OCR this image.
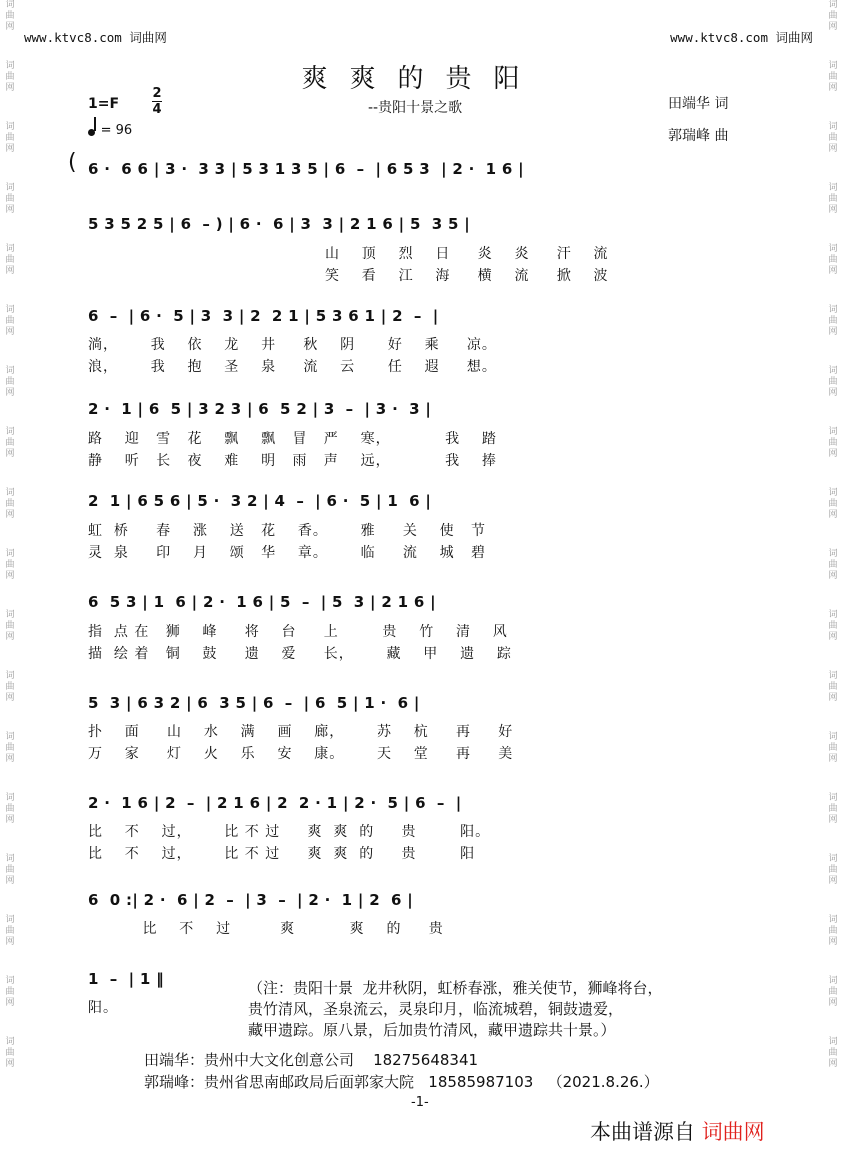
词
曲
网
词
曲
网
词
曲
网
词
曲
网
词
曲
网
词
曲
网
词
曲
网
词
曲
网
词
曲
网
词
曲
网
词
曲
网
词
曲
网
词
曲
网
词
曲
网
词
曲
网
词
曲
网
词
曲
网
词
曲
网
词
曲
网
词
曲
网
词
曲
网
词
曲
网
词
曲
网
词
曲
网
词
曲
网
词
曲
网
词
曲
网
词
曲
网
词
曲
网
词
曲
网
词
曲
网
词
曲
网
词
曲
网
词
曲
网
词
曲
网
词
曲
网
www.ktvc8.com 词曲网	www.ktvc8.com 词曲网
爽爽的贵阳
--贵阳十景之歌
1=F
2
4
= 96
田端华 词
郭瑞峰 曲
( 6 ·  6 6 | 3 ·  3 3 | 5 3 1 3 5 | 6  –  | 6 5 3  | 2 ·  1 6 |
5 3 5 2 5 | 6  – ) | 6 ·  6 | 3  3 | 2 1 6 | 5  3 5 |
山    顶    烈    日     炎    炎     汗    流
笑    看    江    海     横    流     掀    波
6  –  | 6 ·  5 | 3  3 | 2  2 1 | 5 3 6 1 | 2  –  |
淌，      我    依    龙    井     秋    阴      好    乘     凉。
浪，      我    抱    圣    泉     流    云      任    遐     想。
2 ·  1 | 6  5 | 3 2 3 | 6  5 2 | 3  –  | 3 ·  3 |
路    迎   雪   花    飘    飘   冒   严    寒，          我    踏
静    听   长   夜    难    明   雨   声    远，          我    捧
2  1 | 6 5 6 | 5 ·  3 2 | 4  –  | 6 ·  5 | 1  6 |
虹  桥     春    涨    送   花    香。      雅     关    使   节
灵  泉     印    月    颂   华    章。      临     流    城   碧
6  5 3 | 1  6 | 2 ·  1 6 | 5  –  | 5  3 | 2 1 6 |
指  点 在   狮    峰     将    台     上        贵    竹    清    风
描  绘 着   铜    鼓     遗    爱     长，      藏    甲    遗    踪
5  3 | 6 3 2 | 6  3 5 | 6  –  | 6  5 | 1 ·  6 |
扑    面     山    水    满    画    廊，      苏    杭     再     好
万    家     灯    火    乐    安    康。      天    堂     再     美
2 ·  1 6 | 2  –  | 2 1 6 | 2  2 · 1 | 2 ·  5 | 6  –  |
比    不    过，      比 不 过     爽  爽  的     贵        阳。
比    不    过，      比 不 过     爽  爽  的     贵        阳
6  0 :| 2 ·  6 | 2  –  | 3  –  | 2 ·  1 | 2  6 |
比    不    过         爽          爽    的     贵
1  –  | 1 ‖
阳。
（注：贵阳十景  龙井秋阴，虹桥春涨，雅关使节，狮峰将台，
贵竹清风，圣泉流云，灵泉印月，临流城碧，铜鼓遗爱，
藏甲遗踪。原八景，后加贵竹清风，藏甲遗踪共十景。）
田端华：贵州中大文化创意公司    18275648341
郭瑞峰：贵州省思南邮政局后面郭家大院   18585987103   （2021.8.26.）
-1-
本曲谱源自 词曲网
